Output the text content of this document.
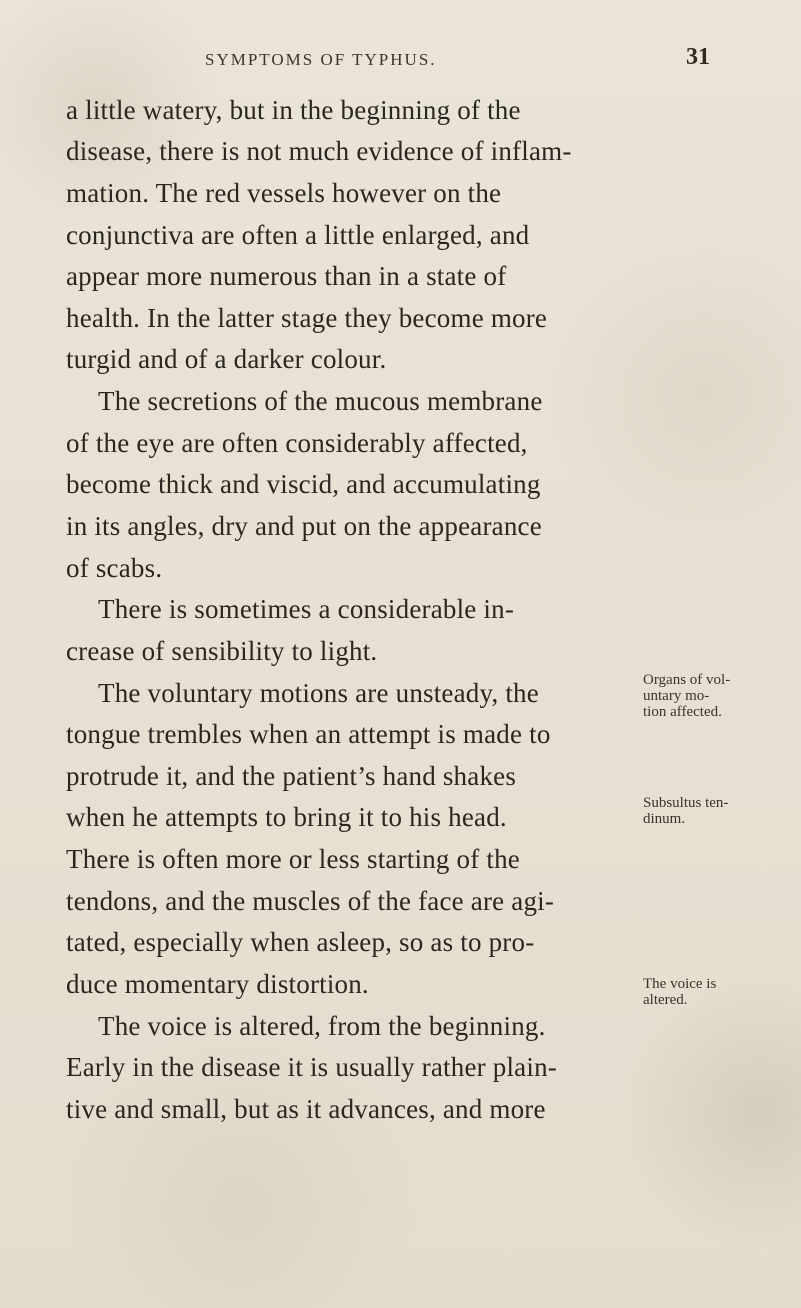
SYMPTOMS OF TYPHUS.	31
a little watery, but in the beginning of the
disease, there is not much evidence of inflam-
mation. The red vessels however on the
conjunctiva are often a little enlarged, and
appear more numerous than in a state of
health. In the latter stage they become more
turgid and of a darker colour.
The secretions of the mucous membrane
of the eye are often considerably affected,
become thick and viscid, and accumulating
in its angles, dry and put on the appearance
of scabs.
There is sometimes a considerable in-
crease of sensibility to light.
The voluntary motions are unsteady, the
tongue trembles when an attempt is made to
protrude it, and the patient’s hand shakes
when he attempts to bring it to his head.
There is often more or less starting of the
tendons, and the muscles of the face are agi-
tated, especially when asleep, so as to pro-
duce momentary distortion.
The voice is altered, from the beginning.
Early in the disease it is usually rather plain-
tive and small, but as it advances, and more
Organs of vol-
untary mo-
tion affected.
Subsultus ten-
dinum.
The voice is
altered.
